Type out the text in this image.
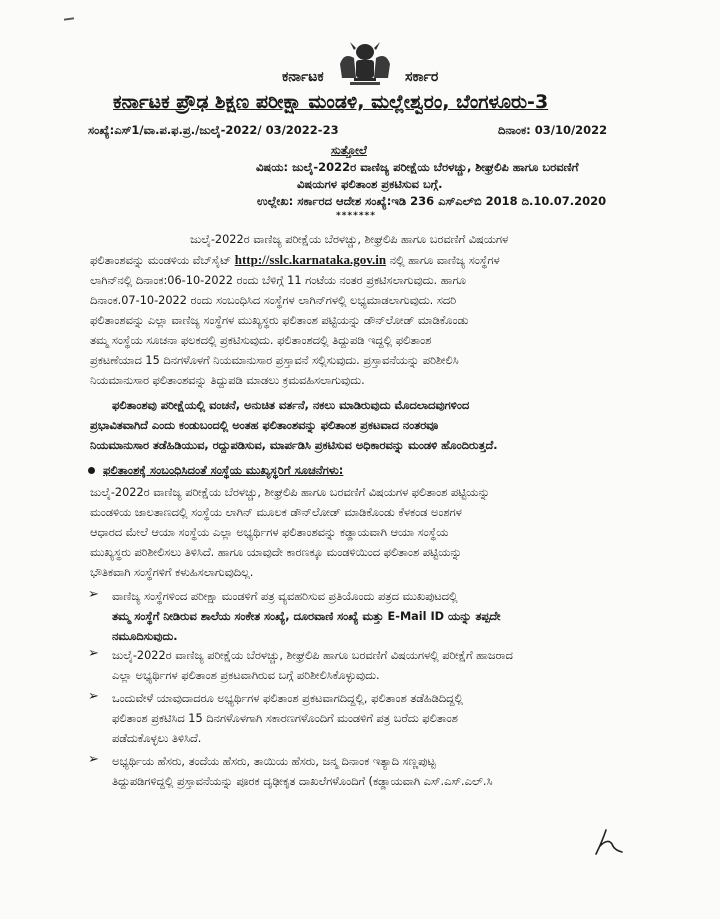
ಕರ್ನಾಟಕ	ಸರ್ಕಾರ
ಕರ್ನಾಟಕ ಪ್ರೌಢ ಶಿಕ್ಷಣ ಪರೀಕ್ಷಾ ಮಂಡಳಿ, ಮಲ್ಲೇಶ್ವರಂ, ಬೆಂಗಳೂರು-3
ಸಂಖ್ಯೆ:ಎಸ್1/ವಾ.ಪ.ಫ.ಪ್ರ./ಜುಲೈ-2022/ 03/2022-23	ದಿನಾಂಕ: 03/10/2022
ಸುತ್ತೋಲೆ
ವಿಷಯ: ಜುಲೈ-2022ರ ವಾಣಿಜ್ಯ ಪರೀಕ್ಷೆಯ ಬೆರಳಚ್ಚು, ಶೀಘ್ರಲಿಪಿ ಹಾಗೂ ಬರವಣಿಗೆ
ವಿಷಯಗಳ ಫಲಿತಾಂಶ ಪ್ರಕಟಿಸುವ ಬಗ್ಗೆ.
ಉಲ್ಲೇಖ: ಸರ್ಕಾರದ ಆದೇಶ ಸಂಖ್ಯೆ:ಇಡಿ 236 ಎಸ್ಎಲ್‌ಬಿ 2018 ದಿ.10.07.2020
*******
ಜುಲೈ-2022ರ ವಾಣಿಜ್ಯ ಪರೀಕ್ಷೆಯ ಬೆರಳಚ್ಚು, ಶೀಘ್ರಲಿಪಿ ಹಾಗೂ ಬರವಣಿಗೆ ವಿಷಯಗಳ
ಫಲಿತಾಂಶವನ್ನು ಮಂಡಳಿಯ ವೆಬ್‌ಸೈಟ್ http://sslc.karnataka.gov.in ನಲ್ಲಿ ಹಾಗೂ ವಾಣಿಜ್ಯ ಸಂಸ್ಥೆಗಳ
ಲಾಗಿನ್‌ನಲ್ಲಿ ದಿನಾಂಕ:06-10-2022 ರಂದು ಬೆಳಿಗ್ಗೆ 11 ಗಂಟೆಯ ನಂತರ ಪ್ರಕಟಿಸಲಾಗುವುದು. ಹಾಗೂ
ದಿನಾಂಕ.07-10-2022 ರಂದು ಸಂಬಂಧಿಸಿದ ಸಂಸ್ಥೆಗಳ ಲಾಗಿನ್‌ಗಳಲ್ಲಿ ಲಭ್ಯಮಾಡಲಾಗುವುದು. ಸದರಿ
ಫಲಿತಾಂಶವನ್ನು ಎಲ್ಲಾ ವಾಣಿಜ್ಯ ಸಂಸ್ಥೆಗಳ ಮುಖ್ಯಸ್ಥರು ಫಲಿತಾಂಶ ಪಟ್ಟಿಯನ್ನು ಡೌನ್‌ಲೋಡ್ ಮಾಡಿಕೊಂಡು
ತಮ್ಮ ಸಂಸ್ಥೆಯ ಸೂಚನಾ ಫಲಕದಲ್ಲಿ ಪ್ರಕಟಿಸುವುದು. ಫಲಿತಾಂಶದಲ್ಲಿ ತಿದ್ದುಪಡಿ ಇದ್ದಲ್ಲಿ ಫಲಿತಾಂಶ
ಪ್ರಕಟಣೆಯಾದ 15 ದಿನಗಳೊಳಗೆ ನಿಯಮಾನುಸಾರ ಪ್ರಸ್ತಾವನೆ ಸಲ್ಲಿಸುವುದು. ಪ್ರಸ್ತಾವನೆಯನ್ನು ಪರಿಶೀಲಿಸಿ
ನಿಯಮಾನುಸಾರ ಫಲಿತಾಂಶವನ್ನು ತಿದ್ದುಪಡಿ ಮಾಡಲು ಕ್ರಮವಹಿಸಲಾಗುವುದು.
ಫಲಿತಾಂಶವು ಪರೀಕ್ಷೆಯಲ್ಲಿ ವಂಚನೆ, ಅನುಚಿತ ವರ್ತನೆ, ನಕಲು ಮಾಡಿರುವುದು ಮೊದಲಾದವುಗಳಿಂದ
ಪ್ರಭಾವಿತವಾಗಿದೆ ಎಂದು ಕಂಡುಬಂದಲ್ಲಿ ಅಂತಹ ಫಲಿತಾಂಶವನ್ನು ಫಲಿತಾಂಶ ಪ್ರಕಟವಾದ ನಂತರವೂ
ನಿಯಮಾನುಸಾರ ತಡೆಹಿಡಿಯುವ, ರದ್ದುಪಡಿಸುವ, ಮಾರ್ಪಡಿಸಿ ಪ್ರಕಟಿಸುವ ಅಧಿಕಾರವನ್ನು ಮಂಡಳಿ ಹೊಂದಿರುತ್ತದೆ.
ಫಲಿತಾಂಶಕ್ಕೆ ಸಂಬಂಧಿಸಿದಂತೆ ಸಂಸ್ಥೆಯ ಮುಖ್ಯಸ್ಥರಿಗೆ ಸೂಚನೆಗಳು:
ಜುಲೈ-2022ರ ವಾಣಿಜ್ಯ ಪರೀಕ್ಷೆಯ ಬೆರಳಚ್ಚು, ಶೀಘ್ರಲಿಪಿ ಹಾಗೂ ಬರವಣಿಗೆ ವಿಷಯಗಳ ಫಲಿತಾಂಶ ಪಟ್ಟಿಯನ್ನು
ಮಂಡಳಿಯ ಜಾಲತಾಣದಲ್ಲಿ ಸಂಸ್ಥೆಯ ಲಾಗಿನ್ ಮೂಲಕ ಡೌನ್‌ಲೋಡ್ ಮಾಡಿಕೊಂಡು ಕೆಳಕಂಡ ಅಂಶಗಳ
ಆಧಾರದ ಮೇಲೆ ಆಯಾ ಸಂಸ್ಥೆಯ ಎಲ್ಲಾ ಅಭ್ಯರ್ಥಿಗಳ ಫಲಿತಾಂಶವನ್ನು ಕಡ್ಡಾಯವಾಗಿ ಆಯಾ ಸಂಸ್ಥೆಯ
ಮುಖ್ಯಸ್ಥರು ಪರಿಶೀಲಿಸಲು ತಿಳಿಸಿದೆ. ಹಾಗೂ ಯಾವುದೇ ಕಾರಣಕ್ಕೂ ಮಂಡಳಿಯಿಂದ ಫಲಿತಾಂಶ ಪಟ್ಟಿಯನ್ನು
ಭೌತಿಕವಾಗಿ ಸಂಸ್ಥೆಗಳಿಗೆ ಕಳುಹಿಸಲಾಗುವುದಿಲ್ಲ.
➢ ವಾಣಿಜ್ಯ ಸಂಸ್ಥೆಗಳಿಂದ ಪರೀಕ್ಷಾ ಮಂಡಳಿಗೆ ಪತ್ರ ವ್ಯವಹರಿಸುವ ಪ್ರತಿಯೊಂದು ಪತ್ರದ ಮುಖಪುಟದಲ್ಲಿ
ತಮ್ಮ ಸಂಸ್ಥೆಗೆ ನೀಡಿರುವ ಶಾಲೆಯ ಸಂಕೇತ ಸಂಖ್ಯೆ, ದೂರವಾಣಿ ಸಂಖ್ಯೆ ಮತ್ತು E-Mail ID ಯನ್ನು ತಪ್ಪದೇ
ನಮೂದಿಸುವುದು.
➢ ಜುಲೈ-2022ರ ವಾಣಿಜ್ಯ ಪರೀಕ್ಷೆಯ ಬೆರಳಚ್ಚು, ಶೀಘ್ರಲಿಪಿ ಹಾಗೂ ಬರವಣಿಗೆ ವಿಷಯಗಳಲ್ಲಿ ಪರೀಕ್ಷೆಗೆ ಹಾಜರಾದ
ಎಲ್ಲಾ ಅಭ್ಯರ್ಥಿಗಳ ಫಲಿತಾಂಶ ಪ್ರಕಟವಾಗಿರುವ ಬಗ್ಗೆ ಪರಿಶೀಲಿಸಿಕೊಳ್ಳುವುದು.
➢ ಒಂದುವೇಳೆ ಯಾವುದಾದರೂ ಅಭ್ಯರ್ಥಿಗಳ ಫಲಿತಾಂಶ ಪ್ರಕಟವಾಗದಿದ್ದಲ್ಲಿ, ಫಲಿತಾಂಶ ತಡೆಹಿಡಿದಿದ್ದಲ್ಲಿ
ಫಲಿತಾಂಶ ಪ್ರಕಟಿಸಿದ 15 ದಿನಗಳೊಳಗಾಗಿ ಸಕಾರಣಗಳೊಂದಿಗೆ ಮಂಡಳಿಗೆ ಪತ್ರ ಬರೆದು ಫಲಿತಾಂಶ
ಪಡೆದುಕೊಳ್ಳಲು ತಿಳಿಸಿದೆ.
➢ ಅಭ್ಯರ್ಥಿಯ ಹೆಸರು, ತಂದೆಯ ಹೆಸರು, ತಾಯಿಯ ಹೆಸರು, ಜನ್ಮ ದಿನಾಂಕ ಇತ್ಯಾದಿ ಸಣ್ಣಪುಟ್ಟ
ತಿದ್ದುಪಡಿಗಳಿದ್ದಲ್ಲಿ ಪ್ರಸ್ತಾವನೆಯನ್ನು ಪೂರಕ ದೃಢೀಕೃತ ದಾಖಲೆಗಳೊಂದಿಗೆ (ಕಡ್ಡಾಯವಾಗಿ ಎಸ್.ಎಸ್.ಎಲ್.ಸಿ
